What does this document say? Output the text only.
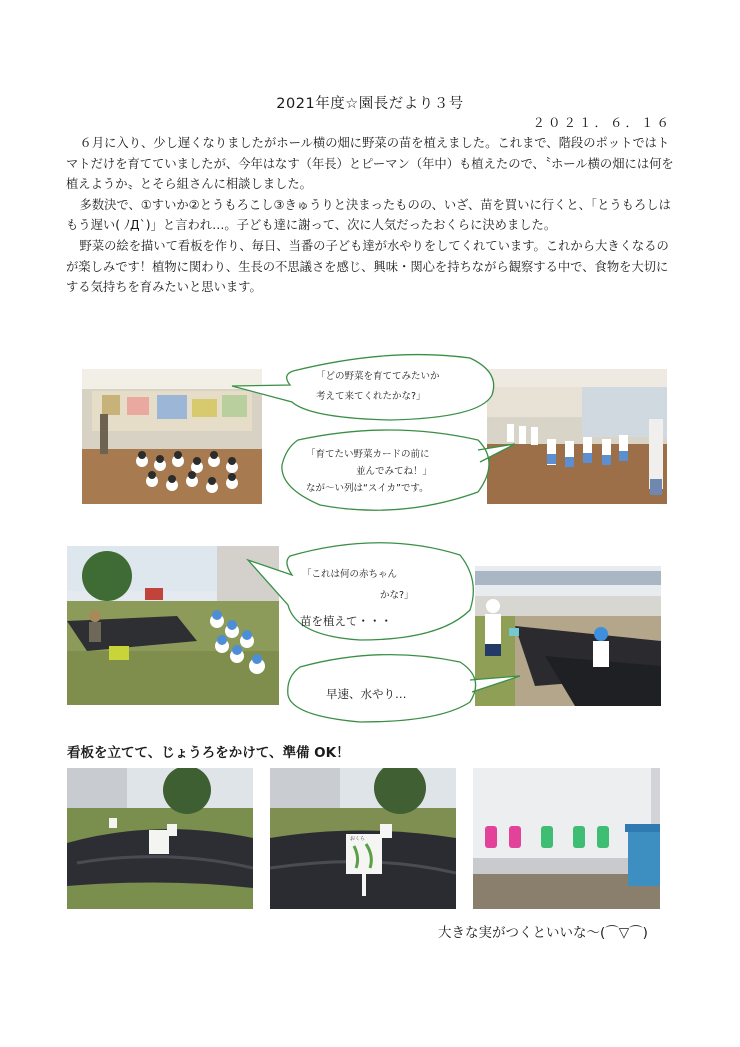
2021年度☆園長だより３号
２０２１．６．１６

６月に入り、少し遅くなりましたがホール横の畑に野菜の苗を植えました。これまで、階段のポットではトマトだけを育てていましたが、今年はなす（年長）とピーマン（年中）も植えたので、〝ホール横の畑には何を植えようか〟とそら組さんに相談しました。

多数決で、①すいか②とうもろこし③きゅうりと決まったものの、いざ、苗を買いに行くと、「とうもろしはもう遅い( ﾉД`)」と言われ…。子ども達に謝って、次に人気だったおくらに決めました。

野菜の絵を描いて看板を作り、毎日、当番の子ども達が水やりをしてくれています。これから大きくなるのが楽しみです！植物に関わり、生長の不思議さを感じ、興味・関心を持ちながら観察する中で、食物を大切にする気持ちを育みたいと思います。

「どの野菜を育ててみたいか
考えて来てくれたかな?」
「育てたい野菜カードの前に
並んでみてね！」
なが～い列は“スイカ”です。
「これは何の赤ちゃん
かな?」
苗を植えて・・・
早速、水やり…
看板を立てて、じょうろをかけて、準備 OK！
おくら
大きな実がつくといいな～(⌒▽⌒)
